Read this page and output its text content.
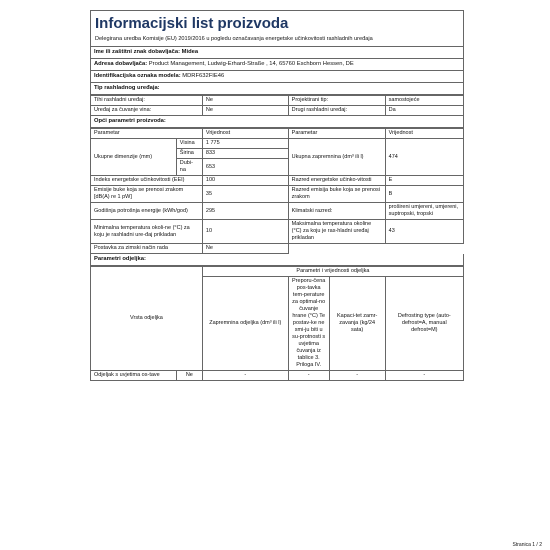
Informacijski list proizvoda
Delegirana uredba Komisije (EU) 2019/2016 u pogledu označavanja energetske učinkovitosti rashladnih uređaja
Ime ili zaštitni znak dobavljača: Midea
Adresa dobavljača: Product Management, Ludwig-Erhard-Straße , 14, 65760 Eschborn Hessen, DE
Identifikacijska oznaka modela: MDRF632FIE46
Tip rashladnog uređaja:
Tihi rashladni uređaj:	Ne	Projektirani tip:	samostojeće
Uređaj za čuvanje vina:	Ne	Drugi rashladni uređaj:	Da
Opći parametri proizvoda:
Parametar		Vrijednost	Parametar	Vrijednost
Ukupne dimenzije (mm)	Visina	1 775	Ukupna zapremnina (dm³ ili l)	474
	Širina	833		
	Dubi-na	653		
Indeks energetske učinkovitosti (EEI)		100	Razred energetske učinko-vitosti	E
Emisije buke koja se prenosi zrakom [dB(A) re 1 pW]		35	Razred emisija buke koja se prenosi zrakom	B
Godišnja potrošnja energije (kWh/god)		295	Klimatski razred:	prošireni umjereni, umjereni, suptropski, tropski
Minimalna temperatura okoli-ne (°C) za koju je rashladni ure-đaj prikladan		10	Maksimalna temperatura okoline (°C) za koju je ras-hladni uređaj prikladan	43
Postavka za zimski način rada		Ne		
Parametri odjeljka:
Vrsta odjeljka		Parametri i vrijednosti odjeljka			
		Zapremnina odjeljka (dm³ ili l)	Preporu-čena pos-tavka tem-perature za optimal-no čuvanje hrane (°C) Te postav-ke ne smi-ju biti u su-protnosti s uvjetima čuvanja iz tablice 3. Priloga IV.	Kapaci-tet zamr-zavanja (kg/24 sata)	Defrosting type (auto-defrost=A, manual defrost=M)
Odjeljak s uvjetima os-tave	Ne	-	-	-	-
Stranica 1 / 2
